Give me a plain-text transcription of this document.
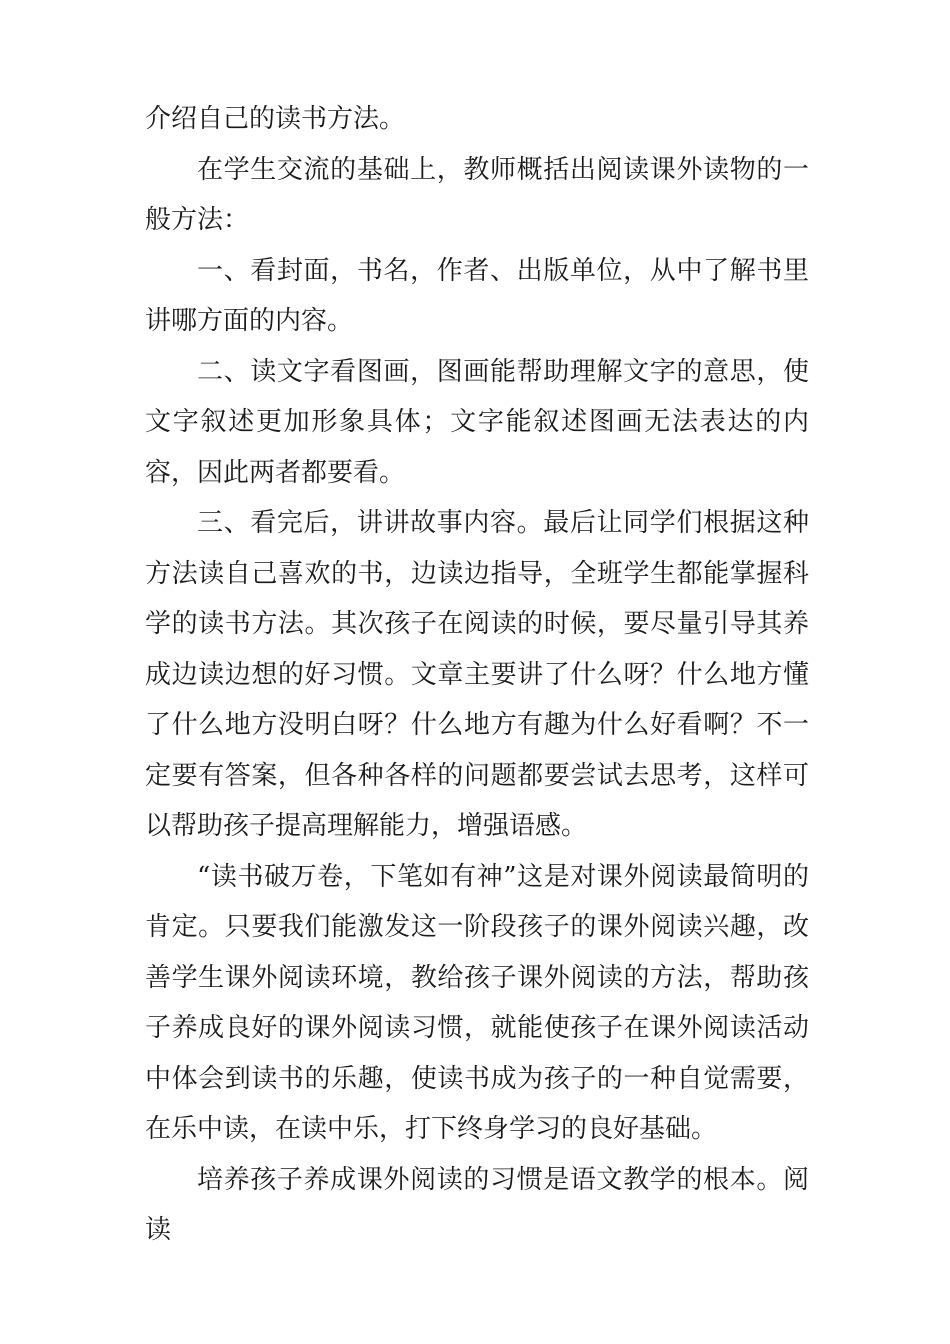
介绍自己的读书方法。

在学生交流的基础上，教师概括出阅读课外读物的一般方法：

一、看封面，书名，作者、出版单位，从中了解书里讲哪方面的内容。

二、读文字看图画，图画能帮助理解文字的意思，使文字叙述更加形象具体；文字能叙述图画无法表达的内容，因此两者都要看。

三、看完后，讲讲故事内容。最后让同学们根据这种方法读自己喜欢的书，边读边指导，全班学生都能掌握科学的读书方法。其次孩子在阅读的时候，要尽量引导其养成边读边想的好习惯。文章主要讲了什么呀？什么地方懂了什么地方没明白呀？什么地方有趣为什么好看啊？不一定要有答案，但各种各样的问题都要尝试去思考，这样可以帮助孩子提高理解能力，增强语感。

“读书破万卷，下笔如有神”这是对课外阅读最简明的肯定。只要我们能激发这一阶段孩子的课外阅读兴趣，改善学生课外阅读环境，教给孩子课外阅读的方法，帮助孩子养成良好的课外阅读习惯，就能使孩子在课外阅读活动中体会到读书的乐趣，使读书成为孩子的一种自觉需要，在乐中读，在读中乐，打下终身学习的良好基础。

培养孩子养成课外阅读的习惯是语文教学的根本。阅读
